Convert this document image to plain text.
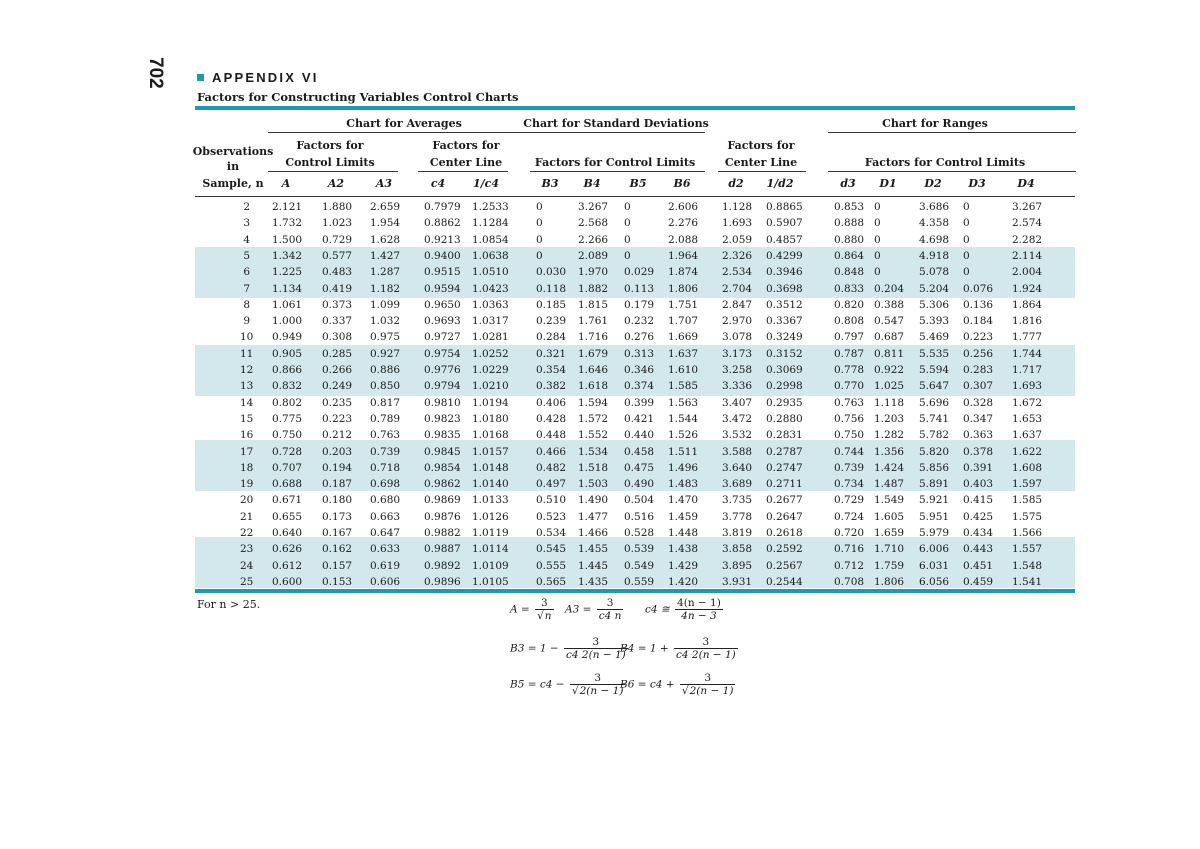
702	APPENDIX VI
Factors for Constructing Variables Control Charts
Chart for Averages	Chart for Standard Deviations	Chart for Ranges
Factors for
Control Limits
Factors for
Center Line	Factors for Control Limits
Factors for
Center Line	Factors for Control Limits
Observations
in
Sample, n A	A2	A3	c4	1/c4	B3 B4	B5 B6	d2 1/d2	d3 D1	D2 D3	D4
2 2.121 1.880 2.659 0.7979 1.2533	0	3.267 0	2.606 1.128 0.8865	0.853 0	3.686 0	3.267
3 1.732 1.023 1.954 0.8862 1.1284	0	2.568 0	2.276 1.693 0.5907	0.888 0	4.358 0	2.574
4 1.500 0.729 1.628 0.9213 1.0854	0	2.266 0	2.088 2.059 0.4857	0.880 0	4.698 0	2.282
5 1.342 0.577 1.427 0.9400 1.0638	0	2.089 0	1.964 2.326 0.4299	0.864 0	4.918 0	2.114
6 1.225 0.483 1.287 0.9515 1.0510	0.030 1.970 0.029 1.874 2.534 0.3946	0.848 0	5.078 0	2.004
7 1.134 0.419 1.182 0.9594 1.0423	0.118 1.882 0.113 1.806 2.704 0.3698	0.833 0.204 5.204 0.076 1.924
8 1.061 0.373 1.099 0.9650 1.0363	0.185 1.815 0.179 1.751 2.847 0.3512	0.820 0.388 5.306 0.136 1.864
9 1.000 0.337 1.032 0.9693 1.0317	0.239 1.761 0.232 1.707 2.970 0.3367	0.808 0.547 5.393 0.184 1.816
10 0.949 0.308 0.975 0.9727 1.0281	0.284 1.716 0.276 1.669 3.078 0.3249	0.797 0.687 5.469 0.223 1.777
11 0.905 0.285 0.927 0.9754 1.0252	0.321 1.679 0.313 1.637 3.173 0.3152	0.787 0.811 5.535 0.256 1.744
12 0.866 0.266 0.886 0.9776 1.0229	0.354 1.646 0.346 1.610 3.258 0.3069	0.778 0.922 5.594 0.283 1.717
13 0.832 0.249 0.850 0.9794 1.0210	0.382 1.618 0.374 1.585 3.336 0.2998	0.770 1.025 5.647 0.307 1.693
14 0.802 0.235 0.817 0.9810 1.0194	0.406 1.594 0.399 1.563 3.407 0.2935	0.763 1.118 5.696 0.328 1.672
15 0.775 0.223 0.789 0.9823 1.0180	0.428 1.572 0.421 1.544 3.472 0.2880	0.756 1.203 5.741 0.347 1.653
16 0.750 0.212 0.763 0.9835 1.0168	0.448 1.552 0.440 1.526 3.532 0.2831	0.750 1.282 5.782 0.363 1.637
17 0.728 0.203 0.739 0.9845 1.0157	0.466 1.534 0.458 1.511 3.588 0.2787	0.744 1.356 5.820 0.378 1.622
18 0.707 0.194 0.718 0.9854 1.0148	0.482 1.518 0.475 1.496 3.640 0.2747	0.739 1.424 5.856 0.391 1.608
19 0.688 0.187 0.698 0.9862 1.0140	0.497 1.503 0.490 1.483 3.689 0.2711	0.734 1.487 5.891 0.403 1.597
20 0.671 0.180 0.680 0.9869 1.0133	0.510 1.490 0.504 1.470 3.735 0.2677	0.729 1.549 5.921 0.415 1.585
21 0.655 0.173 0.663 0.9876 1.0126	0.523 1.477 0.516 1.459 3.778 0.2647	0.724 1.605 5.951 0.425 1.575
22 0.640 0.167 0.647 0.9882 1.0119	0.534 1.466 0.528 1.448 3.819 0.2618	0.720 1.659 5.979 0.434 1.566
23 0.626 0.162 0.633 0.9887 1.0114	0.545 1.455 0.539 1.438 3.858 0.2592	0.716 1.710 6.006 0.443 1.557
24 0.612 0.157 0.619 0.9892 1.0109	0.555 1.445 0.549 1.429 3.895 0.2567	0.712 1.759 6.031 0.451 1.548
25 0.600 0.153 0.606 0.9896 1.0105	0.565 1.435 0.559 1.420 3.931 0.2544	0.708 1.806 6.056 0.459 1.541
For n > 25.	$A = \frac{3}{√n} A3 = \frac{3}{c4 n} c4$ ≅ $\frac{4(n - 1)}{4n - 3}$
$B3 = 1 - \frac{3}{c4 2(n - 1)}$
$B4 = 1 + \frac{3}{c4 2(n - 1)}$
$B5 = c4 - \frac{3}{√2(n - 1)}$
$B6 = c4 + \frac{3}{√2(n - 1)}$
